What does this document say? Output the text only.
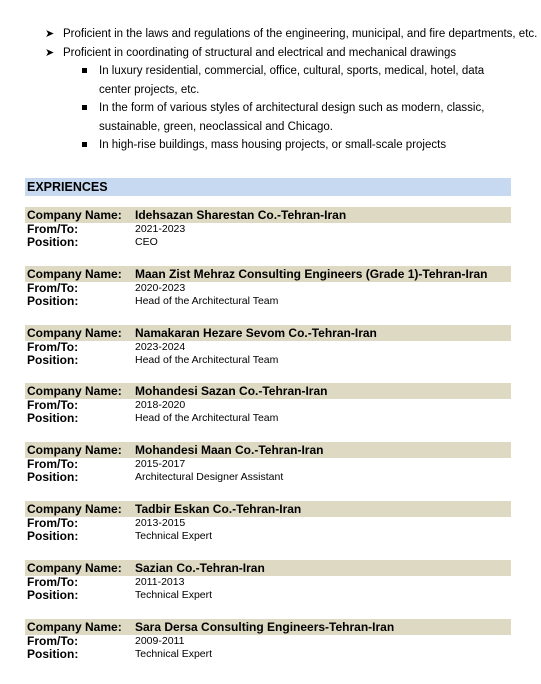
➤ Proficient in the laws and regulations of the engineering, municipal, and fire departments, etc.

➤ Proficient in coordinating of structural and electrical and mechanical drawings

In luxury residential, commercial, office, cultural, sports, medical, hotel, data center projects, etc.

In the form of various styles of architectural design such as modern, classic, sustainable, green, neoclassical and Chicago.

In high-rise buildings, mass housing projects, or small-scale projects

EXPRIENCES
Company Name: Idehsazan Sharestan Co.-Tehran-Iran
From/To:	2021-2023
Position:	CEO
Company Name: Maan Zist Mehraz Consulting Engineers (Grade 1)-Tehran-Iran
From/To:	2020-2023
Position:	Head of the Architectural Team
Company Name: Namakaran Hezare Sevom Co.-Tehran-Iran
From/To:	2023-2024
Position:	Head of the Architectural Team
Company Name: Mohandesi Sazan Co.-Tehran-Iran
From/To:	2018-2020
Position:	Head of the Architectural Team
Company Name: Mohandesi Maan Co.-Tehran-Iran
From/To:	2015-2017
Position:	Architectural Designer Assistant
Company Name: Tadbir Eskan Co.-Tehran-Iran
From/To:	2013-2015
Position:	Technical Expert
Company Name: Sazian Co.-Tehran-Iran
From/To:	2011-2013
Position:	Technical Expert
Company Name: Sara Dersa Consulting Engineers-Tehran-Iran
From/To:	2009-2011
Position:	Technical Expert
